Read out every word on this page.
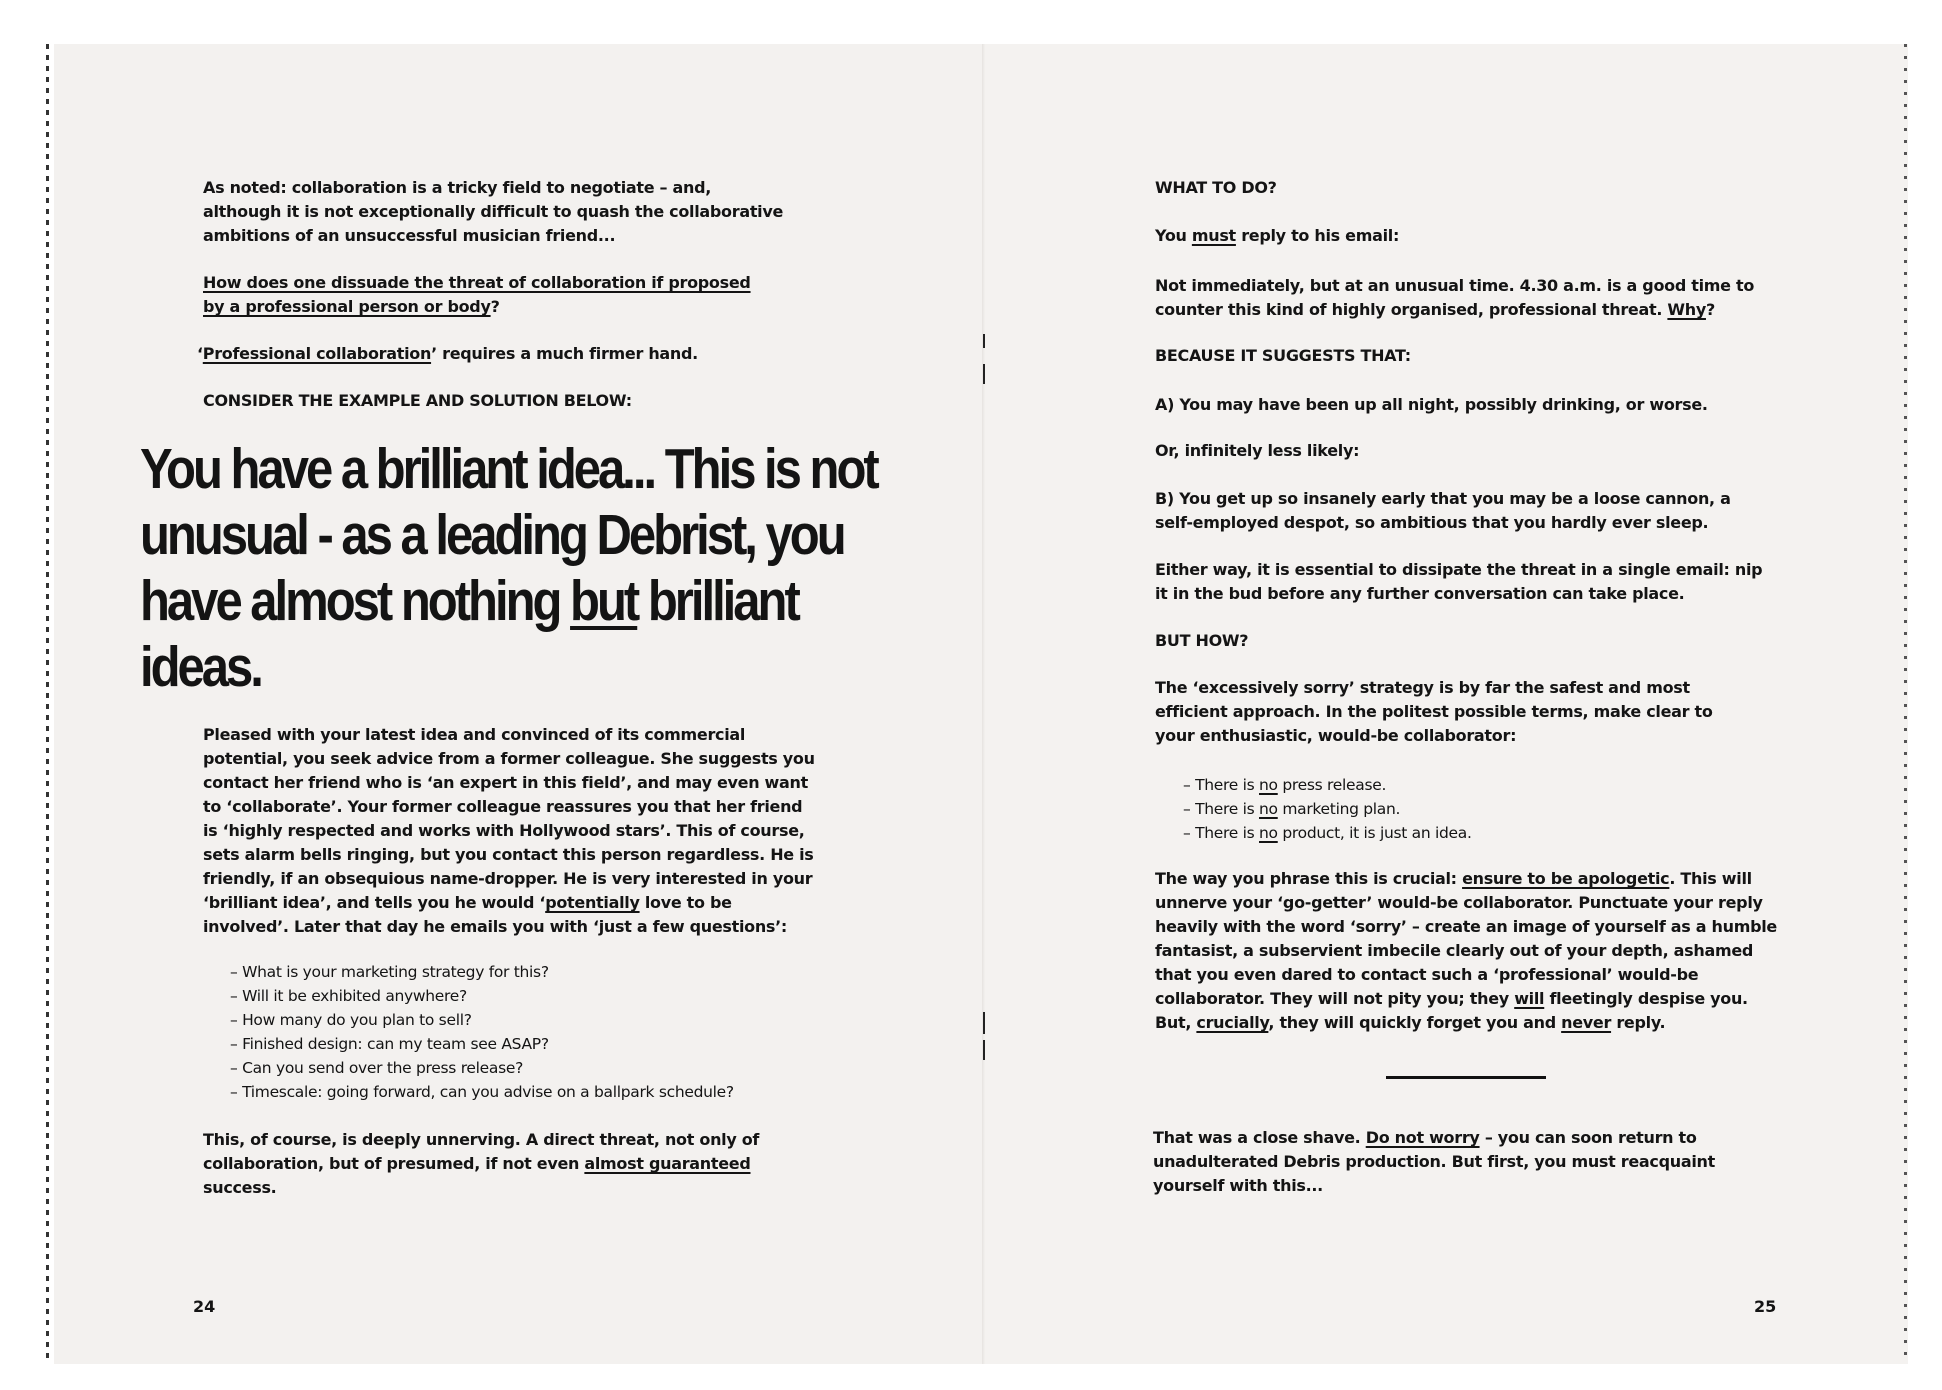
As noted: collaboration is a tricky field to negotiate – and, although it is not exceptionally difficult to quash the collaborative ambitions of an unsuccessful musician friend...
How does one dissuade the threat of collaboration if proposed by a professional person or body?
‘Professional collaboration’ requires a much firmer hand.
CONSIDER THE EXAMPLE AND SOLUTION BELOW:
You have a brilliant idea... This is not unusual - as a leading Debrist, you have almost nothing but brilliant ideas.
Pleased with your latest idea and convinced of its commercial potential, you seek advice from a former colleague. She suggests you contact her friend who is ‘an expert in this field’, and may even want to ‘collaborate’. Your former colleague reassures you that her friend is ‘highly respected and works with Hollywood stars’. This of course, sets alarm bells ringing, but you contact this person regardless. He is friendly, if an obsequious name-dropper. He is very interested in your ‘brilliant idea’, and tells you he would ‘potentially love to be involved’. Later that day he emails you with ‘just a few questions’:
– What is your marketing strategy for this?
– Will it be exhibited anywhere?
– How many do you plan to sell?
– Finished design: can my team see ASAP?
– Can you send over the press release?
– Timescale: going forward, can you advise on a ballpark schedule?
This, of course, is deeply unnerving. A direct threat, not only of collaboration, but of presumed, if not even almost guaranteed success.
24
WHAT TO DO?
You must reply to his email:
Not immediately, but at an unusual time. 4.30 a.m. is a good time to counter this kind of highly organised, professional threat. Why?
BECAUSE IT SUGGESTS THAT:
A) You may have been up all night, possibly drinking, or worse.
Or, infinitely less likely:
B) You get up so insanely early that you may be a loose cannon, a self-employed despot, so ambitious that you hardly ever sleep.
Either way, it is essential to dissipate the threat in a single email: nip it in the bud before any further conversation can take place.
BUT HOW?
The ‘excessively sorry’ strategy is by far the safest and most efficient approach. In the politest possible terms, make clear to your enthusiastic, would-be collaborator:
– There is no press release.
– There is no marketing plan.
– There is no product, it is just an idea.
The way you phrase this is crucial: ensure to be apologetic. This will unnerve your ‘go-getter’ would-be collaborator. Punctuate your reply heavily with the word ‘sorry’ – create an image of yourself as a humble fantasist, a subservient imbecile clearly out of your depth, ashamed that you even dared to contact such a ‘professional’ would-be collaborator. They will not pity you; they will fleetingly despise you. But, crucially, they will quickly forget you and never reply.
That was a close shave. Do not worry – you can soon return to unadulterated Debris production. But first, you must reacquaint yourself with this...
25
